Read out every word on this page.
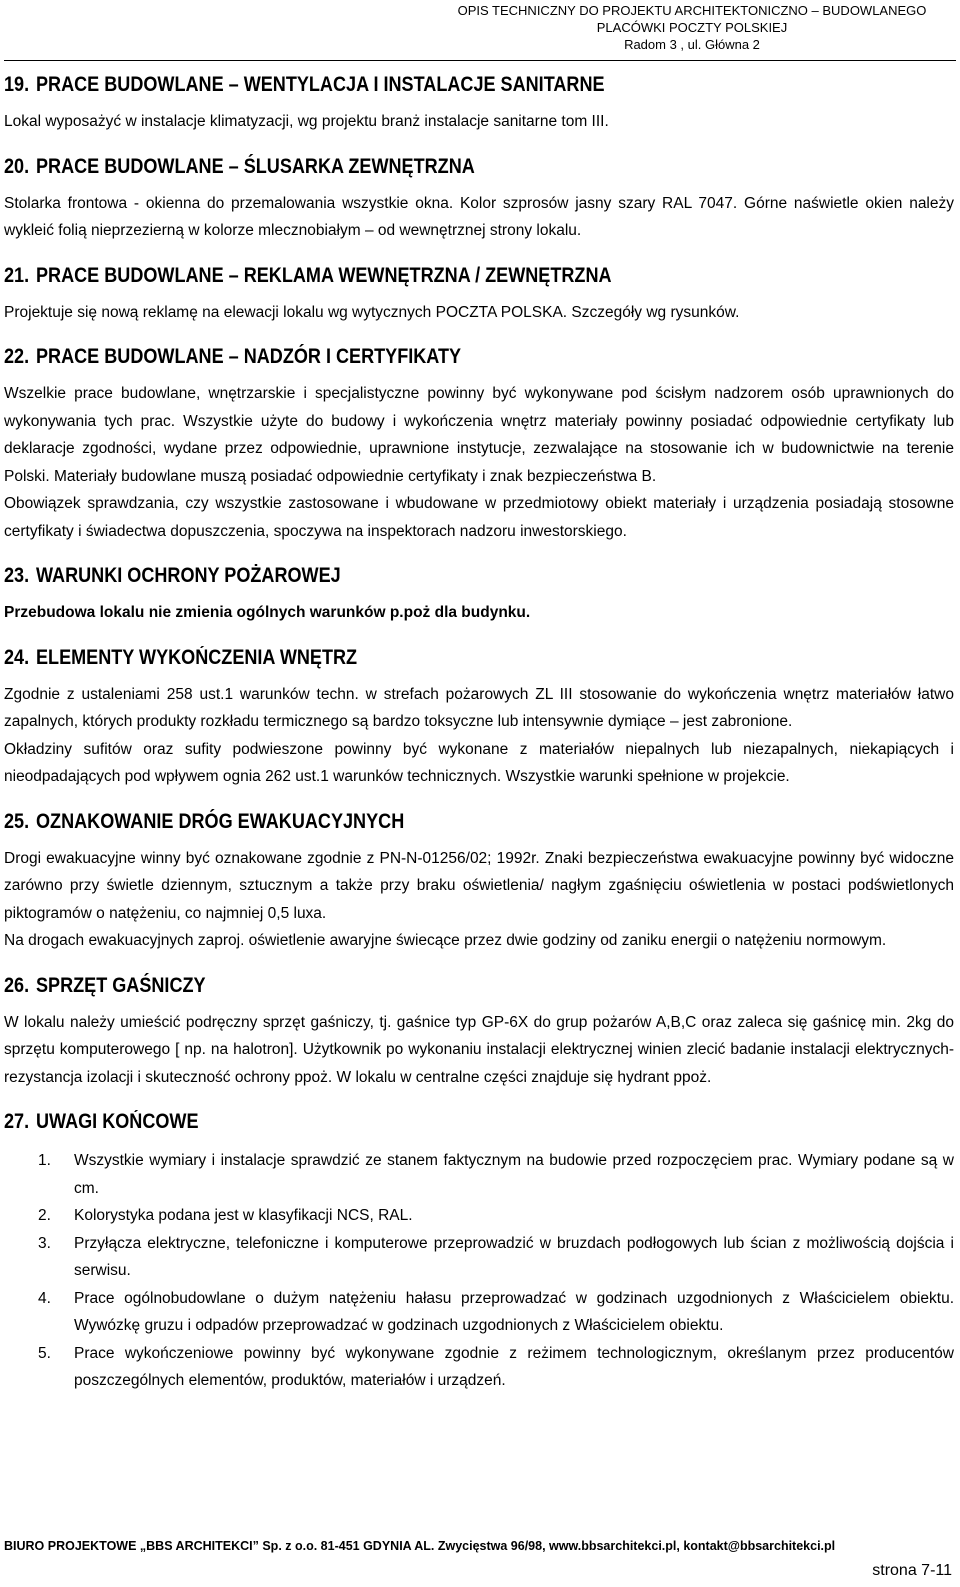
OPIS TECHNICZNY DO PROJEKTU ARCHITEKTONICZNO – BUDOWLANEGO
PLACÓWKI POCZTY POLSKIEJ
Radom 3 , ul. Główna 2
19. PRACE BUDOWLANE – WENTYLACJA I INSTALACJE SANITARNE

Lokal wyposażyć w instalacje klimatyzacji, wg projektu branż instalacje sanitarne tom III.

20. PRACE BUDOWLANE – ŚLUSARKA ZEWNĘTRZNA

Stolarka frontowa - okienna do przemalowania wszystkie okna. Kolor szprosów jasny szary RAL 7047. Górne naświetle okien należy wykleić folią nieprzezierną w kolorze mlecznobiałym – od wewnętrznej strony lokalu.

21. PRACE BUDOWLANE – REKLAMA WEWNĘTRZNA / ZEWNĘTRZNA

Projektuje się nową reklamę na elewacji lokalu wg wytycznych POCZTA POLSKA. Szczegóły wg rysunków.

22. PRACE BUDOWLANE – NADZÓR I CERTYFIKATY

Wszelkie prace budowlane, wnętrzarskie i specjalistyczne powinny być wykonywane pod ścisłym nadzorem osób uprawnionych do wykonywania tych prac. Wszystkie użyte do budowy i wykończenia wnętrz materiały powinny posiadać odpowiednie certyfikaty lub deklaracje zgodności, wydane przez odpowiednie, uprawnione instytucje, zezwalające na stosowanie ich w budownictwie na terenie Polski. Materiały budowlane muszą posiadać odpowiednie certyfikaty i znak bezpieczeństwa B.

Obowiązek sprawdzania, czy wszystkie zastosowane i wbudowane w przedmiotowy obiekt materiały i urządzenia posiadają stosowne certyfikaty i świadectwa dopuszczenia, spoczywa na inspektorach nadzoru inwestorskiego.

23. WARUNKI OCHRONY POŻAROWEJ

Przebudowa lokalu nie zmienia ogólnych warunków p.poż dla budynku.

24. ELEMENTY WYKOŃCZENIA WNĘTRZ

Zgodnie z ustaleniami 258 ust.1 warunków techn. w strefach pożarowych ZL III stosowanie do wykończenia wnętrz materiałów łatwo zapalnych, których produkty rozkładu termicznego są bardzo toksyczne lub intensywnie dymiące – jest zabronione.

Okładziny sufitów oraz sufity podwieszone powinny być wykonane z materiałów niepalnych lub niezapalnych, niekapiących i nieodpadających pod wpływem ognia 262 ust.1 warunków technicznych. Wszystkie warunki spełnione w projekcie.

25. OZNAKOWANIE DRÓG EWAKUACYJNYCH

Drogi ewakuacyjne winny być oznakowane zgodnie z PN-N-01256/02; 1992r. Znaki bezpieczeństwa ewakuacyjne powinny być widoczne zarówno przy świetle dziennym, sztucznym a także przy braku oświetlenia/ nagłym zgaśnięciu oświetlenia w postaci podświetlonych piktogramów o natężeniu, co najmniej 0,5 luxa.

Na drogach ewakuacyjnych zaproj. oświetlenie awaryjne świecące przez dwie godziny od zaniku energii o natężeniu normowym.

26. SPRZĘT GAŚNICZY

W lokalu należy umieścić podręczny sprzęt gaśniczy, tj. gaśnice typ GP-6X do grup pożarów A,B,C oraz zaleca się gaśnicę min. 2kg do sprzętu komputerowego [ np. na halotron]. Użytkownik po wykonaniu instalacji elektrycznej winien zlecić badanie instalacji elektrycznych- rezystancja izolacji i skuteczność ochrony ppoż. W lokalu w centralne części znajduje się hydrant ppoż.

27. UWAGI KOŃCOWE
1. Wszystkie wymiary i instalacje sprawdzić ze stanem faktycznym na budowie przed rozpoczęciem prac. Wymiary podane są w cm.
2. Kolorystyka podana jest w klasyfikacji NCS, RAL.
3. Przyłącza elektryczne, telefoniczne i komputerowe przeprowadzić w bruzdach podłogowych lub ścian z możliwością dojścia i serwisu.
4. Prace ogólnobudowlane o dużym natężeniu hałasu przeprowadzać w godzinach uzgodnionych z Właścicielem obiektu. Wywózkę gruzu i odpadów przeprowadzać w godzinach uzgodnionych z Właścicielem obiektu.
5. Prace wykończeniowe powinny być wykonywane zgodnie z reżimem technologicznym, określanym przez producentów poszczególnych elementów, produktów, materiałów i urządzeń.
BIURO PROJEKTOWE „BBS ARCHITEKCI” Sp. z o.o. 81-451 GDYNIA AL. Zwycięstwa 96/98, www.bbsarchitekci.pl, kontakt@bbsarchitekci.pl
strona 7-11
